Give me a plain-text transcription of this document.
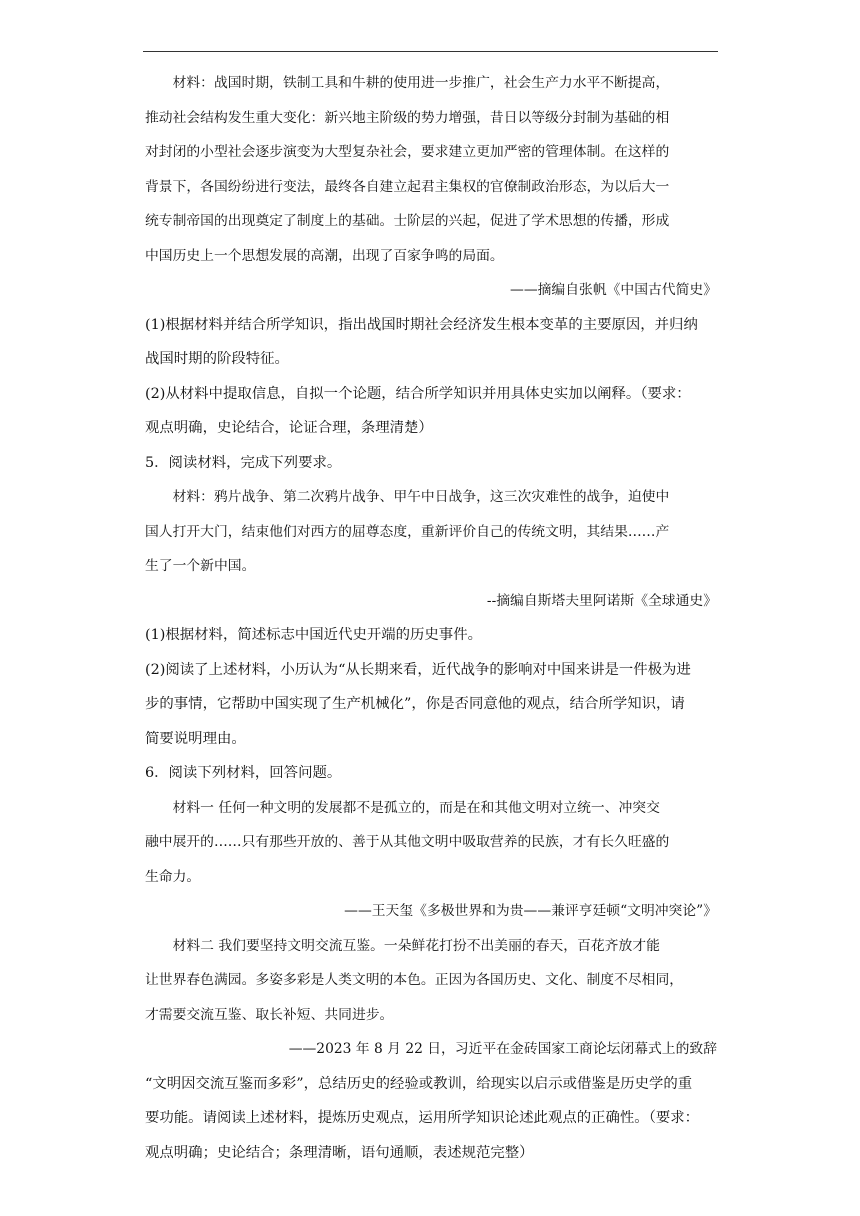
材料：战国时期，铁制工具和牛耕的使用进一步推广，社会生产力水平不断提高，
推动社会结构发生重大变化：新兴地主阶级的势力增强，昔日以等级分封制为基础的相
对封闭的小型社会逐步演变为大型复杂社会，要求建立更加严密的管理体制。在这样的
背景下，各国纷纷进行变法，最终各自建立起君主集权的官僚制政治形态，为以后大一
统专制帝国的出现奠定了制度上的基础。士阶层的兴起，促进了学术思想的传播，形成
中国历史上一个思想发展的高潮，出现了百家争鸣的局面。
——摘编自张帆《中国古代简史》
(1)根据材料并结合所学知识，指出战国时期社会经济发生根本变革的主要原因，并归纳
战国时期的阶段特征。
(2)从材料中提取信息，自拟一个论题，结合所学知识并用具体史实加以阐释。（要求：
观点明确，史论结合，论证合理，条理清楚）
5．阅读材料，完成下列要求。
材料：鸦片战争、第二次鸦片战争、甲午中日战争，这三次灾难性的战争，迫使中
国人打开大门，结束他们对西方的屈尊态度，重新评价自己的传统文明，其结果……产
生了一个新中国。
--摘编自斯塔夫里阿诺斯《全球通史》
(1)根据材料，简述标志中国近代史开端的历史事件。
(2)阅读了上述材料，小历认为“从长期来看，近代战争的影响对中国来讲是一件极为进
步的事情，它帮助中国实现了生产机械化”，你是否同意他的观点，结合所学知识，请
简要说明理由。
6．阅读下列材料，回答问题。
材料一 任何一种文明的发展都不是孤立的，而是在和其他文明对立统一、冲突交
融中展开的……只有那些开放的、善于从其他文明中吸取营养的民族，才有长久旺盛的
生命力。
——王天玺《多极世界和为贵——兼评亨廷顿“文明冲突论”》
材料二 我们要坚持文明交流互鉴。一朵鲜花打扮不出美丽的春天，百花齐放才能
让世界春色满园。多姿多彩是人类文明的本色。正因为各国历史、文化、制度不尽相同，
才需要交流互鉴、取长补短、共同进步。
——2023 年 8 月 22 日，习近平在金砖国家工商论坛闭幕式上的致辞
“文明因交流互鉴而多彩”，总结历史的经验或教训，给现实以启示或借鉴是历史学的重
要功能。请阅读上述材料，提炼历史观点，运用所学知识论述此观点的正确性。（要求：
观点明确；史论结合；条理清晰，语句通顺，表述规范完整）
